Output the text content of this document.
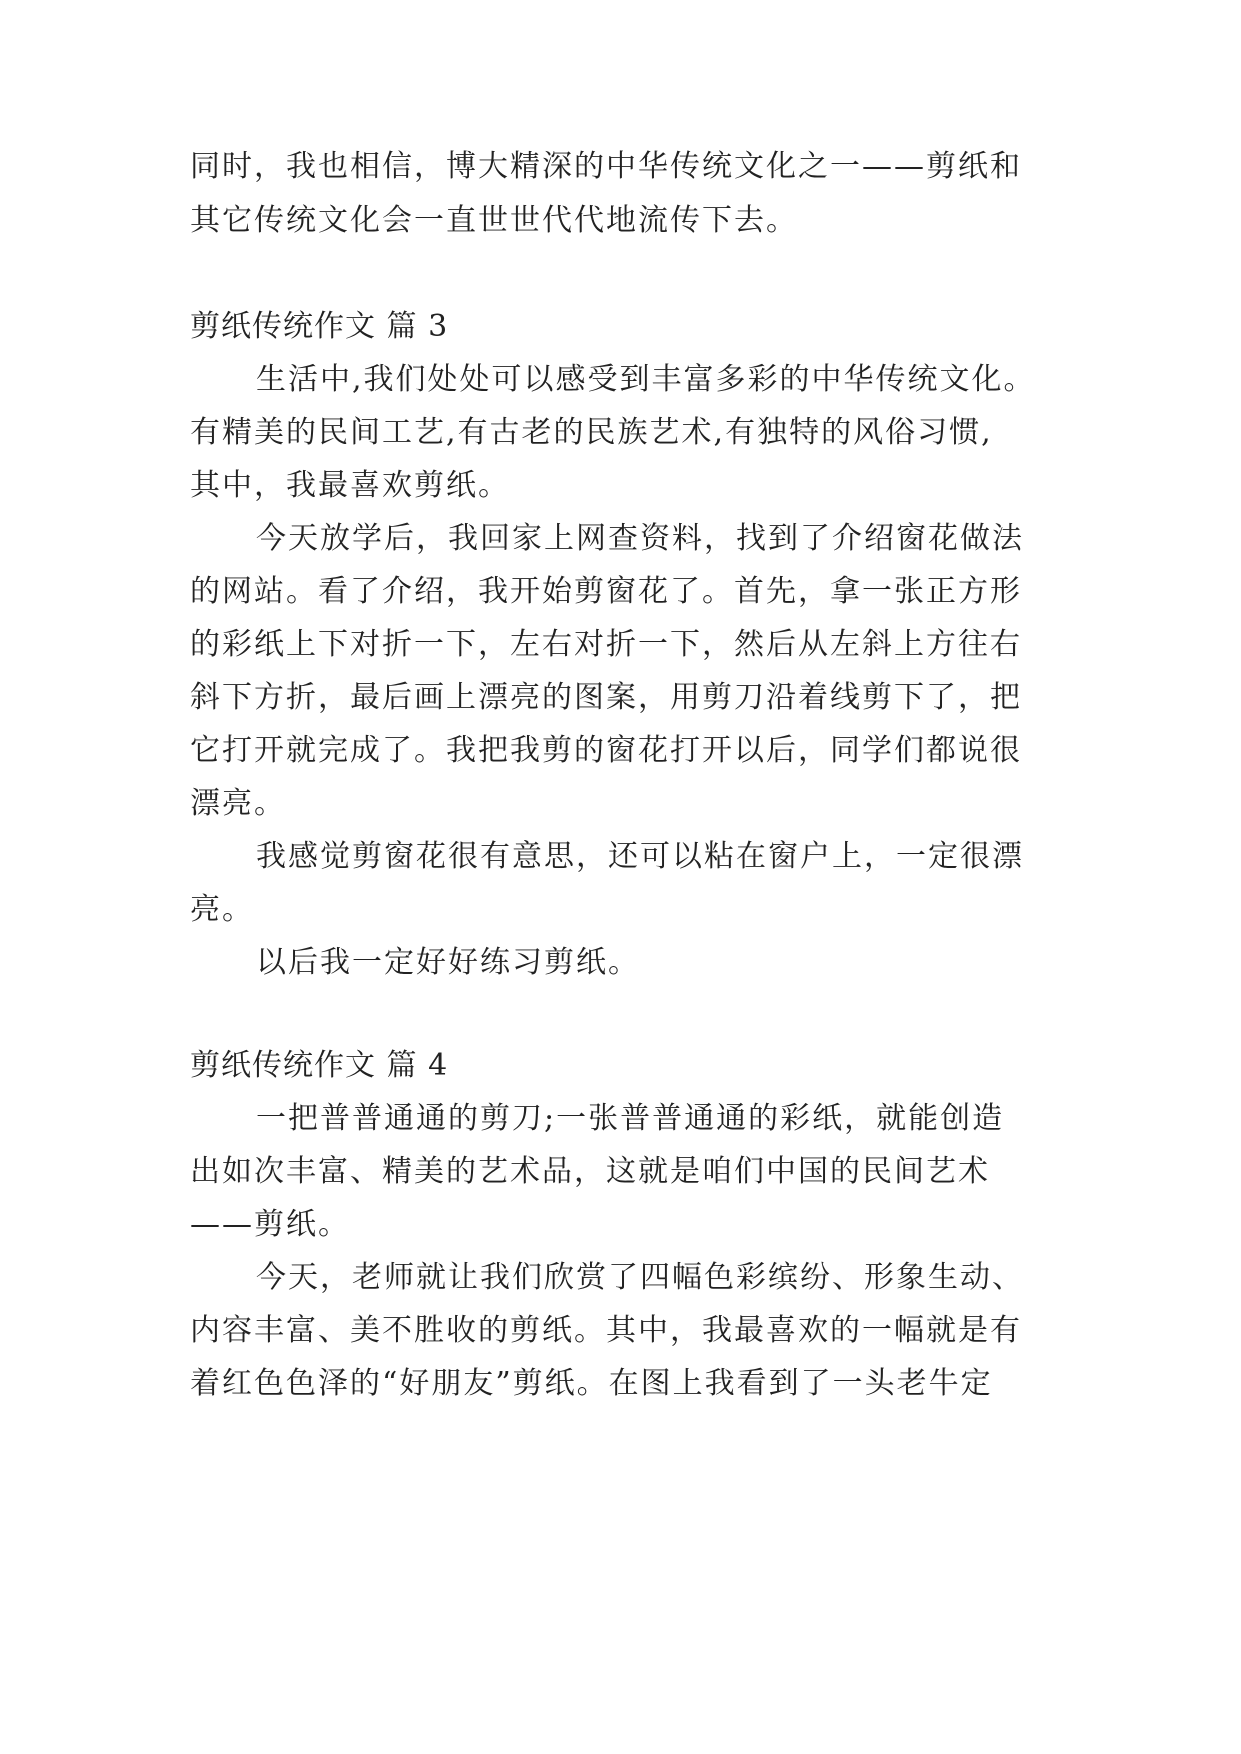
同时，我也相信，博大精深的中华传统文化之一——剪纸和
其它传统文化会一直世世代代地流传下去。
剪纸传统作文 篇 3
生活中,我们处处可以感受到丰富多彩的中华传统文化。
有精美的民间工艺,有古老的民族艺术,有独特的风俗习惯,
其中，我最喜欢剪纸。
今天放学后，我回家上网查资料，找到了介绍窗花做法
的网站。看了介绍，我开始剪窗花了。首先，拿一张正方形
的彩纸上下对折一下，左右对折一下，然后从左斜上方往右
斜下方折，最后画上漂亮的图案，用剪刀沿着线剪下了，把
它打开就完成了。我把我剪的窗花打开以后，同学们都说很
漂亮。
我感觉剪窗花很有意思，还可以粘在窗户上，一定很漂
亮。
以后我一定好好练习剪纸。
剪纸传统作文 篇 4
一把普普通通的剪刀;一张普普通通的彩纸，就能创造
出如次丰富、精美的艺术品，这就是咱们中国的民间艺术
——剪纸。
今天，老师就让我们欣赏了四幅色彩缤纷、形象生动、
内容丰富、美不胜收的剪纸。其中，我最喜欢的一幅就是有
着红色色泽的“好朋友”剪纸。在图上我看到了一头老牛定
